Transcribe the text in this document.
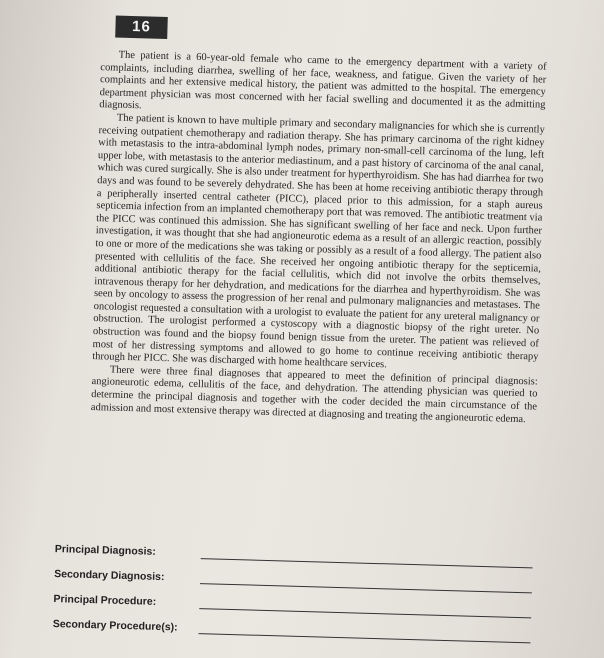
16

The patient is a 60-year-old female who came to the emergency department with a variety of complaints, including diarrhea, swelling of her face, weakness, and fatigue. Given the variety of her complaints and her extensive medical history, the patient was admitted to the hospital. The emergency department physician was most concerned with her facial swelling and documented it as the admitting diagnosis.

The patient is known to have multiple primary and secondary malignancies for which she is currently receiving outpatient chemotherapy and radiation therapy. She has primary carcinoma of the right kidney with metastasis to the intra-abdominal lymph nodes, primary non-small-cell carcinoma of the lung, left upper lobe, with metastasis to the anterior mediastinum, and a past history of carcinoma of the anal canal, which was cured surgically. She is also under treatment for hyperthyroidism. She has had diarrhea for two days and was found to be severely dehydrated. She has been at home receiving antibiotic therapy through a peripherally inserted central catheter (PICC), placed prior to this admission, for a staph aureus septicemia infection from an implanted chemotherapy port that was removed. The antibiotic treatment via the PICC was continued this admission. She has significant swelling of her face and neck. Upon further investigation, it was thought that she had angioneurotic edema as a result of an allergic reaction, possibly to one or more of the medications she was taking or possibly as a result of a food allergy. The patient also presented with cellulitis of the face. She received her ongoing antibiotic therapy for the septicemia, additional antibiotic therapy for the facial cellulitis, which did not involve the orbits themselves, intravenous therapy for her dehydration, and medications for the diarrhea and hyperthyroidism. She was seen by oncology to assess the progression of her renal and pulmonary malignancies and metastases. The oncologist requested a consultation with a urologist to evaluate the patient for any ureteral malignancy or obstruction. The urologist performed a cystoscopy with a diagnostic biopsy of the right ureter. No obstruction was found and the biopsy found benign tissue from the ureter. The patient was relieved of most of her distressing symptoms and allowed to go home to continue receiving antibiotic therapy through her PICC. She was discharged with home healthcare services.

There were three final diagnoses that appeared to meet the definition of principal diagnosis: angioneurotic edema, cellulitis of the face, and dehydration. The attending physician was queried to determine the principal diagnosis and together with the coder decided the main circumstance of the admission and most extensive therapy was directed at diagnosing and treating the angioneurotic edema.

Principal Diagnosis:
Secondary Diagnosis:
Principal Procedure:
Secondary Procedure(s):
